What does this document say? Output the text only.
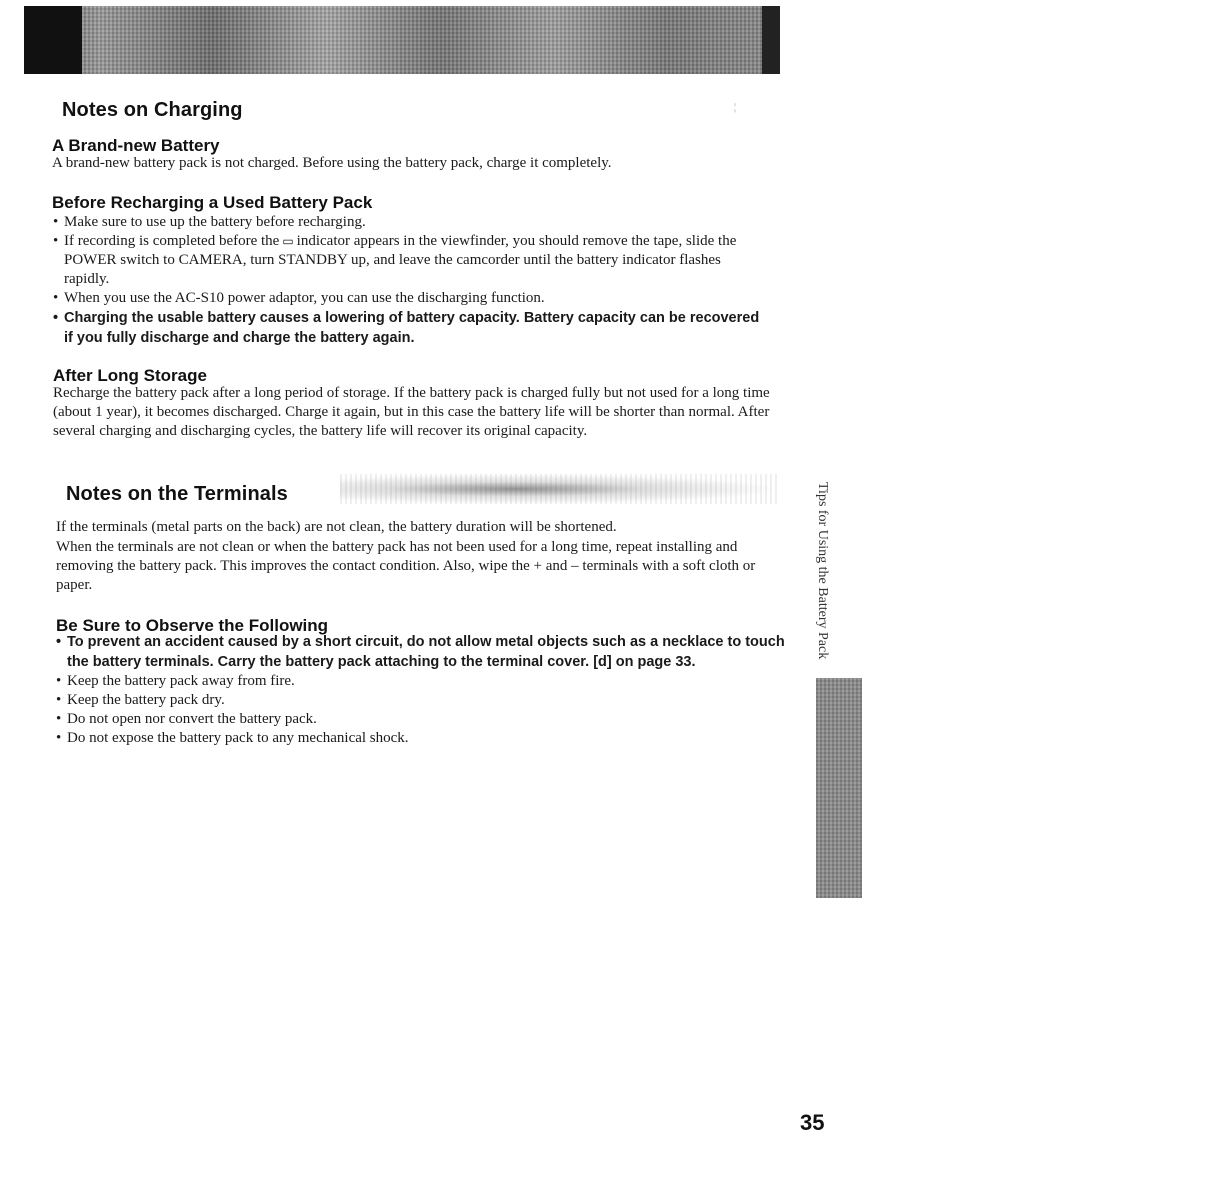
¦
Notes on Charging
A Brand-new Battery

A brand-new battery pack is not charged. Before using the battery pack, charge it completely.

Before Recharging a Used Battery Pack
• Make sure to use up the battery before recharging.
• If recording is completed before the ▭ indicator appears in the viewfinder, you should remove the tape, slide the POWER switch to CAMERA, turn STANDBY up, and leave the camcorder until the battery indicator flashes rapidly.
• When you use the AC-S10 power adaptor, you can use the discharging function.
• Charging the usable battery causes a lowering of battery capacity. Battery capacity can be recovered if you fully discharge and charge the battery again.
After Long Storage

Recharge the battery pack after a long period of storage. If the battery pack is charged fully but not used for a long time (about 1 year), it becomes discharged. Charge it again, but in this case the battery life will be shorter than normal. After several charging and discharging cycles, the battery life will recover its original capacity.

Notes on the Terminals

If the terminals (metal parts on the back) are not clean, the battery duration will be shortened.

When the terminals are not clean or when the battery pack has not been used for a long time, repeat installing and removing the battery pack. This improves the contact condition. Also, wipe the + and – terminals with a soft cloth or paper.

Be Sure to Observe the Following
• To prevent an accident caused by a short circuit, do not allow metal objects such as a necklace to touch the battery terminals. Carry the battery pack attaching to the terminal cover. [d] on page 33.
• Keep the battery pack away from fire.
• Keep the battery pack dry.
• Do not open nor convert the battery pack.
• Do not expose the battery pack to any mechanical shock.
Tips for Using the Battery Pack
35
